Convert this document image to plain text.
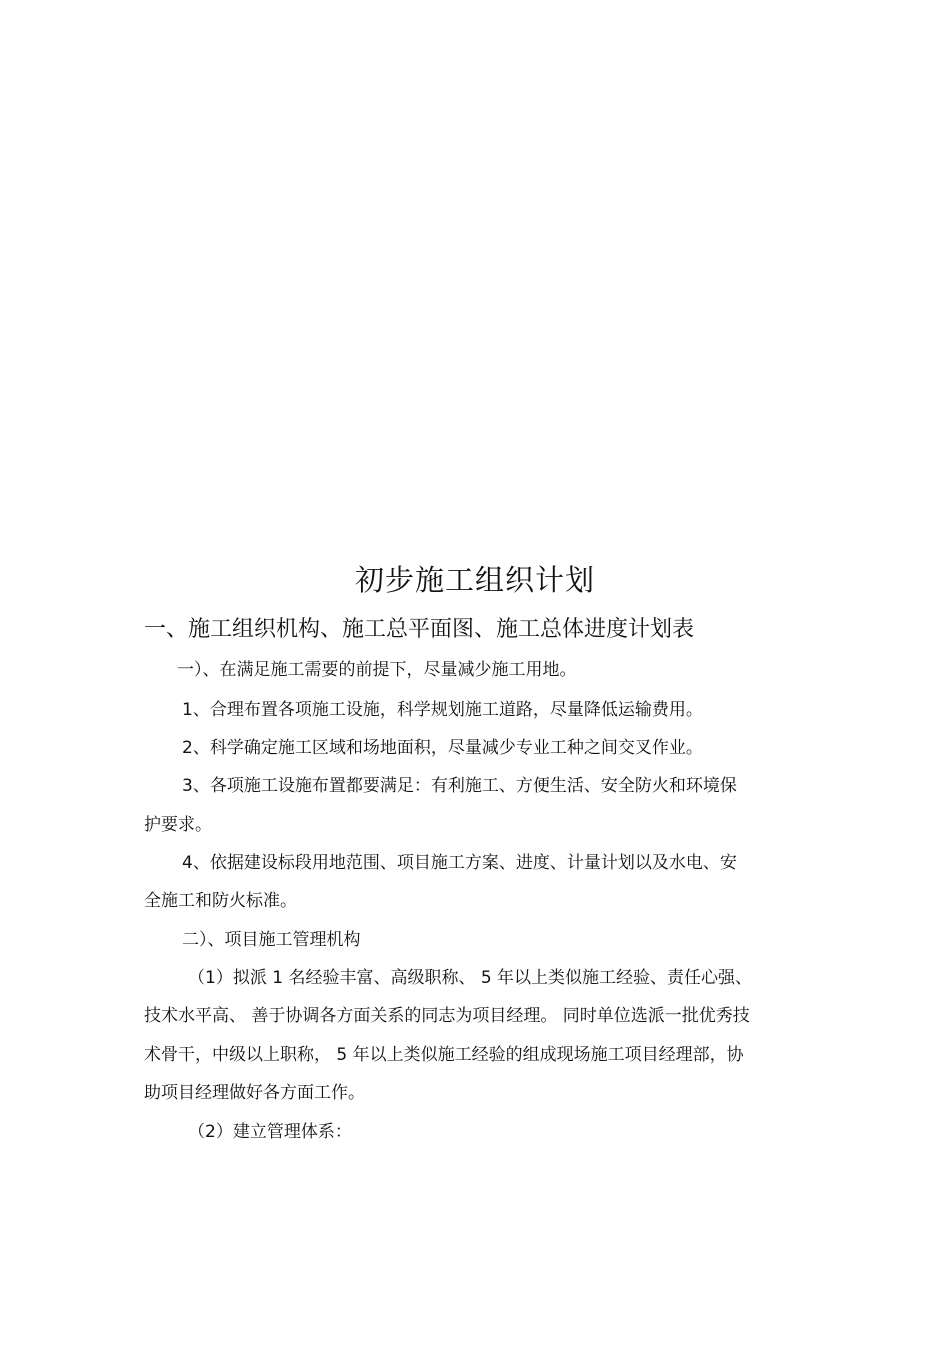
初步施工组织计划
一、施工组织机构、施工总平面图、施工总体进度计划表
一）、在满足施工需要的前提下，尽量减少施工用地。
1、合理布置各项施工设施，科学规划施工道路，尽量降低运输费用。
2、科学确定施工区域和场地面积，尽量减少专业工种之间交叉作业。
3、各项施工设施布置都要满足：有利施工、方便生活、安全防火和环境保
护要求。
4、依据建设标段用地范围、项目施工方案、进度、计量计划以及水电、安
全施工和防火标准。
二）、项目施工管理机构
（1）拟派 1 名经验丰富、高级职称、 5 年以上类似施工经验、责任心强、
技术水平高、 善于协调各方面关系的同志为项目经理。 同时单位选派一批优秀技
术骨干，中级以上职称， 5 年以上类似施工经验的组成现场施工项目经理部，协
助项目经理做好各方面工作。
（2）建立管理体系：
